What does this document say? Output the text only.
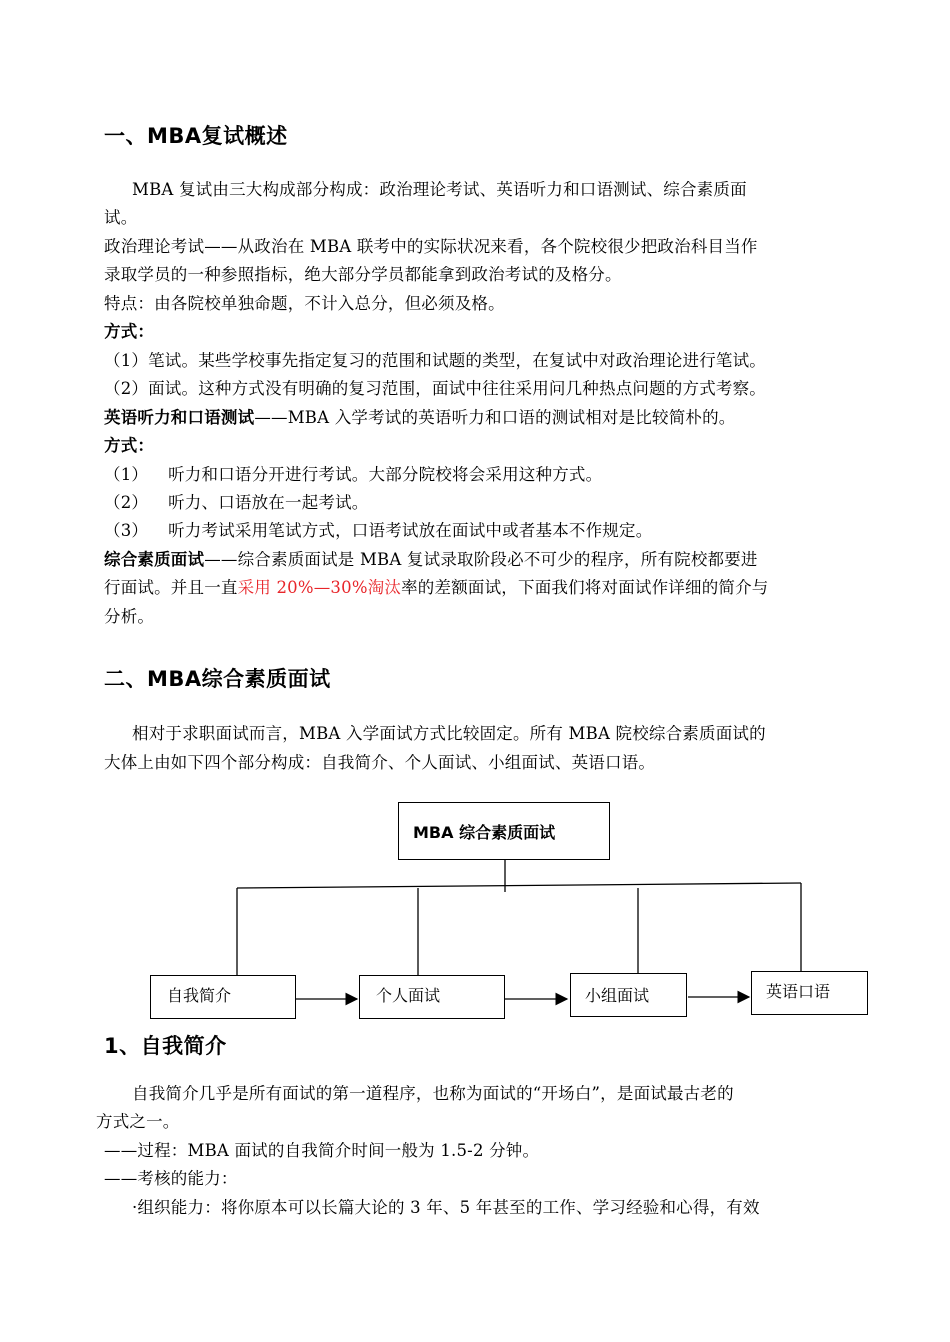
一、MBA复试概述
MBA 复试由三大构成部分构成：政治理论考试、英语听力和口语测试、综合素质面
试。
政治理论考试——从政治在 MBA 联考中的实际状况来看，各个院校很少把政治科目当作
录取学员的一种参照指标，绝大部分学员都能拿到政治考试的及格分。
特点：由各院校单独命题，不计入总分，但必须及格。
方式：
（1）笔试。某些学校事先指定复习的范围和试题的类型，在复试中对政治理论进行笔试。
（2）面试。这种方式没有明确的复习范围，面试中往往采用问几种热点问题的方式考察。
英语听力和口语测试——MBA 入学考试的英语听力和口语的测试相对是比较简朴的。
方式：
（1） 听力和口语分开进行考试。大部分院校将会采用这种方式。
（2） 听力、口语放在一起考试。
（3） 听力考试采用笔试方式，口语考试放在面试中或者基本不作规定。
综合素质面试——综合素质面试是 MBA 复试录取阶段必不可少的程序，所有院校都要进
行面试。并且一直采用 20%—30%淘汰率的差额面试，下面我们将对面试作详细的简介与
分析。
二、MBA综合素质面试
相对于求职面试而言，MBA 入学面试方式比较固定。所有 MBA 院校综合素质面试的
大体上由如下四个部分构成：自我简介、个人面试、小组面试、英语口语。
MBA 综合素质面试
自我简介	个人面试	小组面试	英语口语
1、自我简介
自我简介几乎是所有面试的第一道程序，也称为面试的“开场白”，是面试最古老的
方式之一。
——过程：MBA 面试的自我简介时间一般为 1.5-2 分钟。
——考核的能力：
·组织能力：将你原本可以长篇大论的 3 年、5 年甚至的工作、学习经验和心得，有效
